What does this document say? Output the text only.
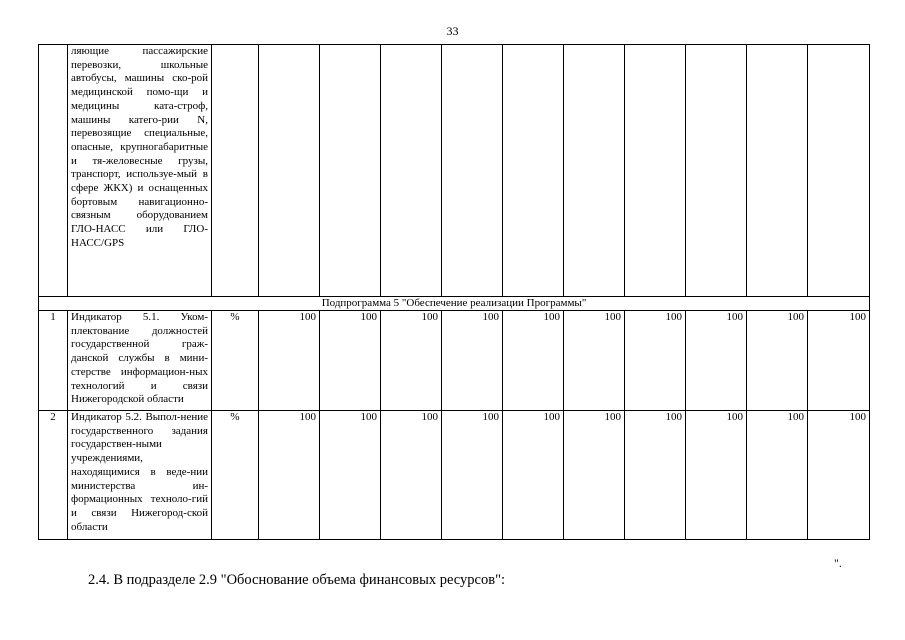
33
	ляющие пассажирские перевозки, школьные автобусы, машины ско-рой медицинской помо-щи и медицины ката-строф, машины катего-рии N, перевозящие специальные, опасные, крупногабаритные и тя-желовесные грузы, транспорт, используе-мый в сфере ЖКХ) и оснащенных бортовым навигационно-связным оборудованием ГЛО-НАСС или ГЛО-НАСС/GPS											
Подпрограмма 5 "Обеспечение реализации Программы"												
1	Индикатор 5.1. Уком-плектование должностей государственной граж-данской службы в мини-стерстве информацион-ных технологий и связи Нижегородской области	%	100	100	100	100	100	100	100	100	100	100
2	Индикатор 5.2. Выпол-нение государственного задания государствен-ными учреждениями, находящимися в веде-нии министерства ин-формационных техноло-гий и связи Нижегород-ской области	%	100	100	100	100	100	100	100	100	100	100
".
2.4. В подразделе 2.9 "Обоснование объема финансовых ресурсов":
